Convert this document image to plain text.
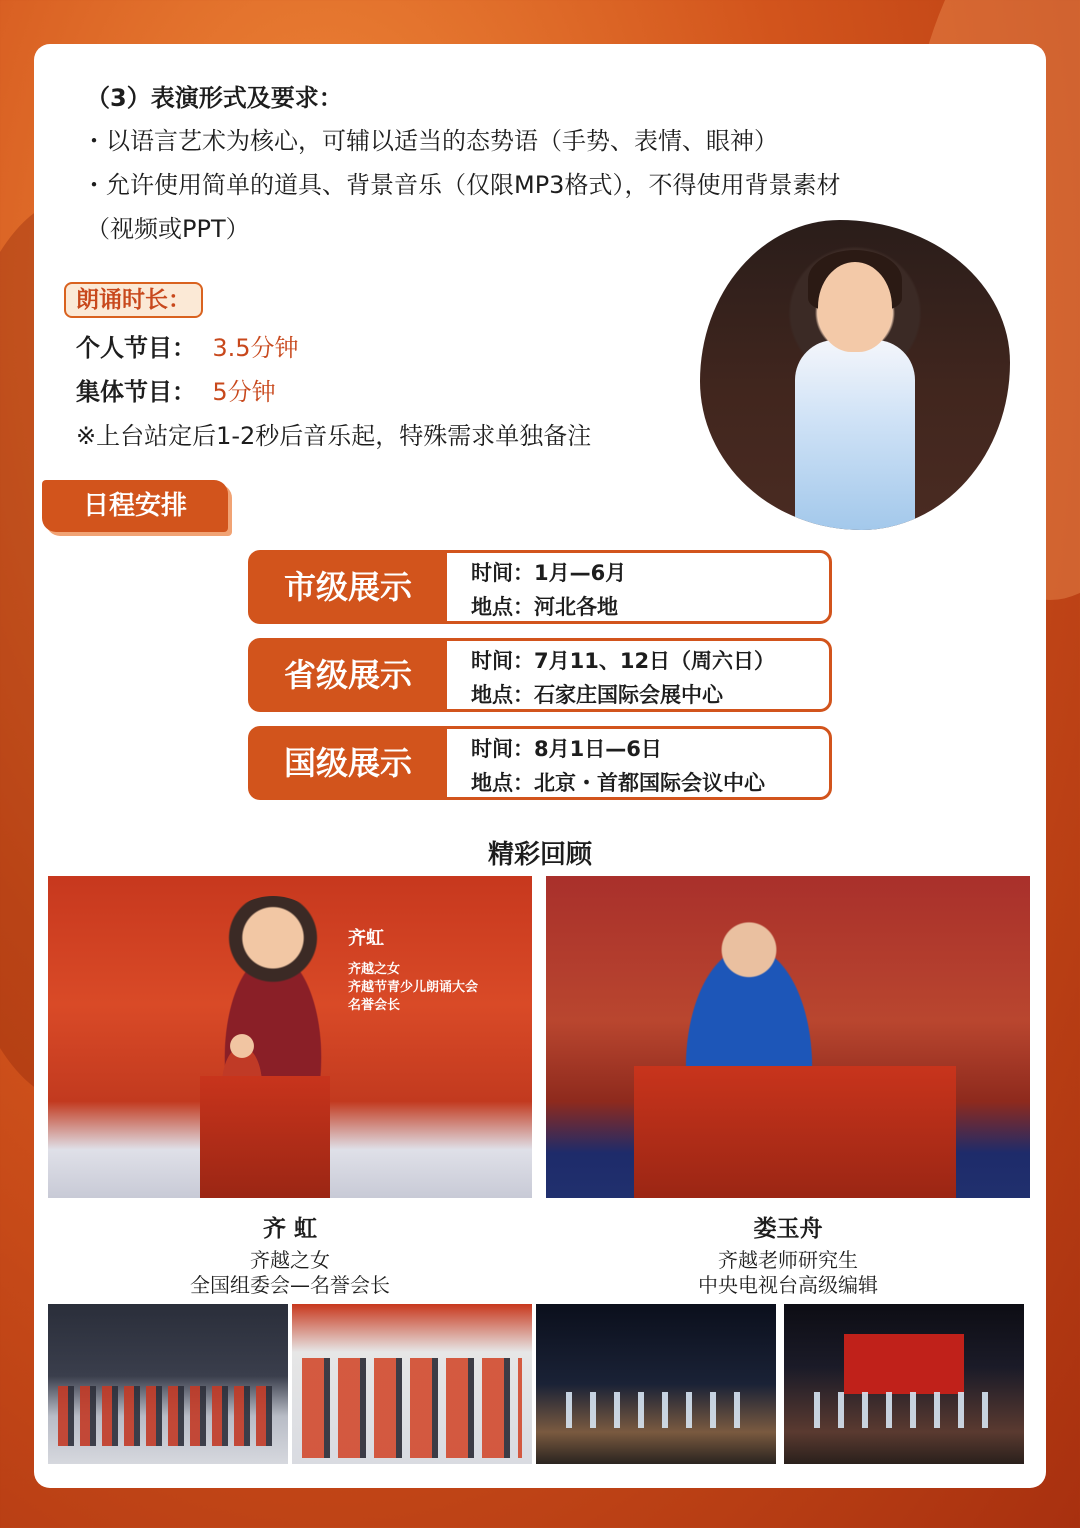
（3）表演形式及要求：
・以语言艺术为核心，可辅以适当的态势语（手势、表情、眼神）
・允许使用简单的道具、背景音乐（仅限MP3格式），不得使用背景素材
（视频或PPT）
朗诵时长：
个人节目： 3.5分钟
集体节目： 5分钟
※上台站定后1-2秒后音乐起，特殊需求单独备注
日程安排
市级展示	时间：1月—6月
地点：河北各地
省级展示	时间：7月11、12日（周六日）
地点：石家庄国际会展中心
国级展示	时间：8月1日—6日
地点：北京・首都国际会议中心
精彩回顾
齐虹
齐越之女
齐越节青少儿朗诵大会
名誉会长
齐 虹
齐越之女
全国组委会—名誉会长
娄玉舟
齐越老师研究生
中央电视台高级编辑
